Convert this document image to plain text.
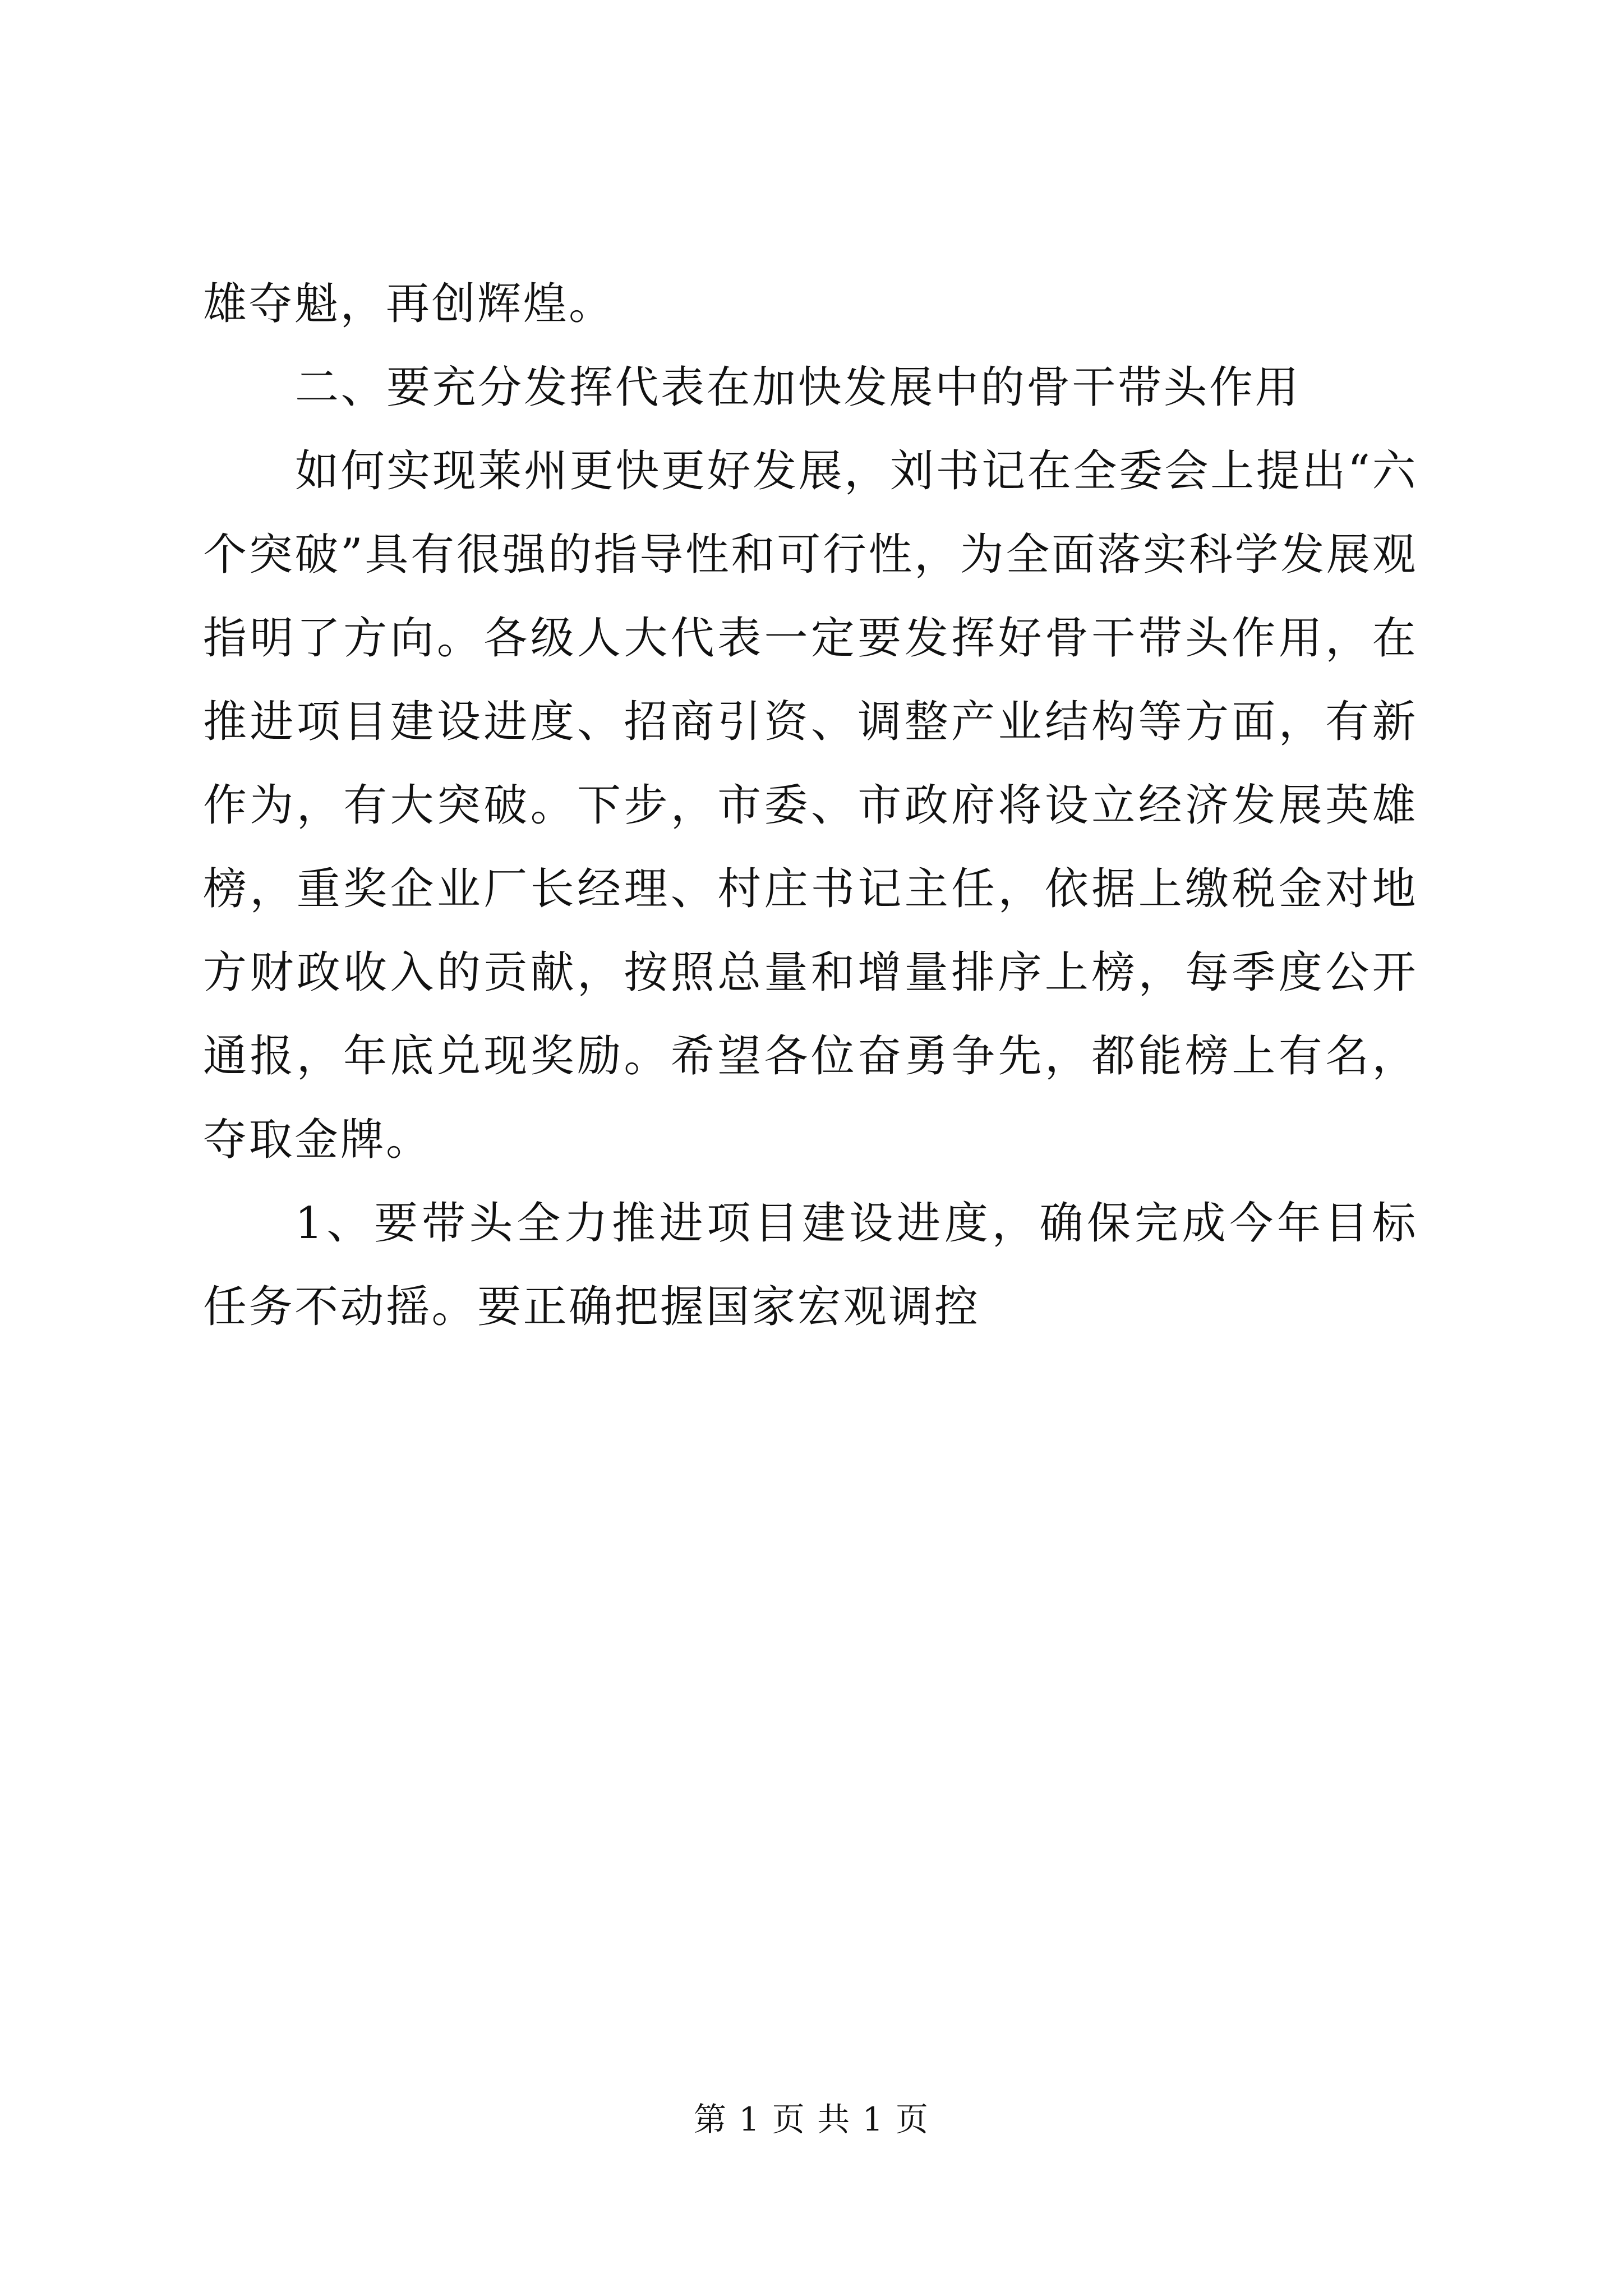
雄夺魁，再创辉煌。

二、要充分发挥代表在加快发展中的骨干带头作用

如何实现莱州更快更好发展，刘书记在全委会上提出“六个突破”具有很强的指导性和可行性，为全面落实科学发展观指明了方向。各级人大代表一定要发挥好骨干带头作用，在推进项目建设进度、招商引资、调整产业结构等方面，有新作为，有大突破。下步，市委、市政府将设立经济发展英雄榜，重奖企业厂长经理、村庄书记主任，依据上缴税金对地方财政收入的贡献，按照总量和增量排序上榜，每季度公开通报，年底兑现奖励。希望各位奋勇争先，都能榜上有名，夺取金牌。

1、要带头全力推进项目建设进度，确保完成今年目标任务不动摇。要正确把握国家宏观调控

第 1 页 共 1 页
